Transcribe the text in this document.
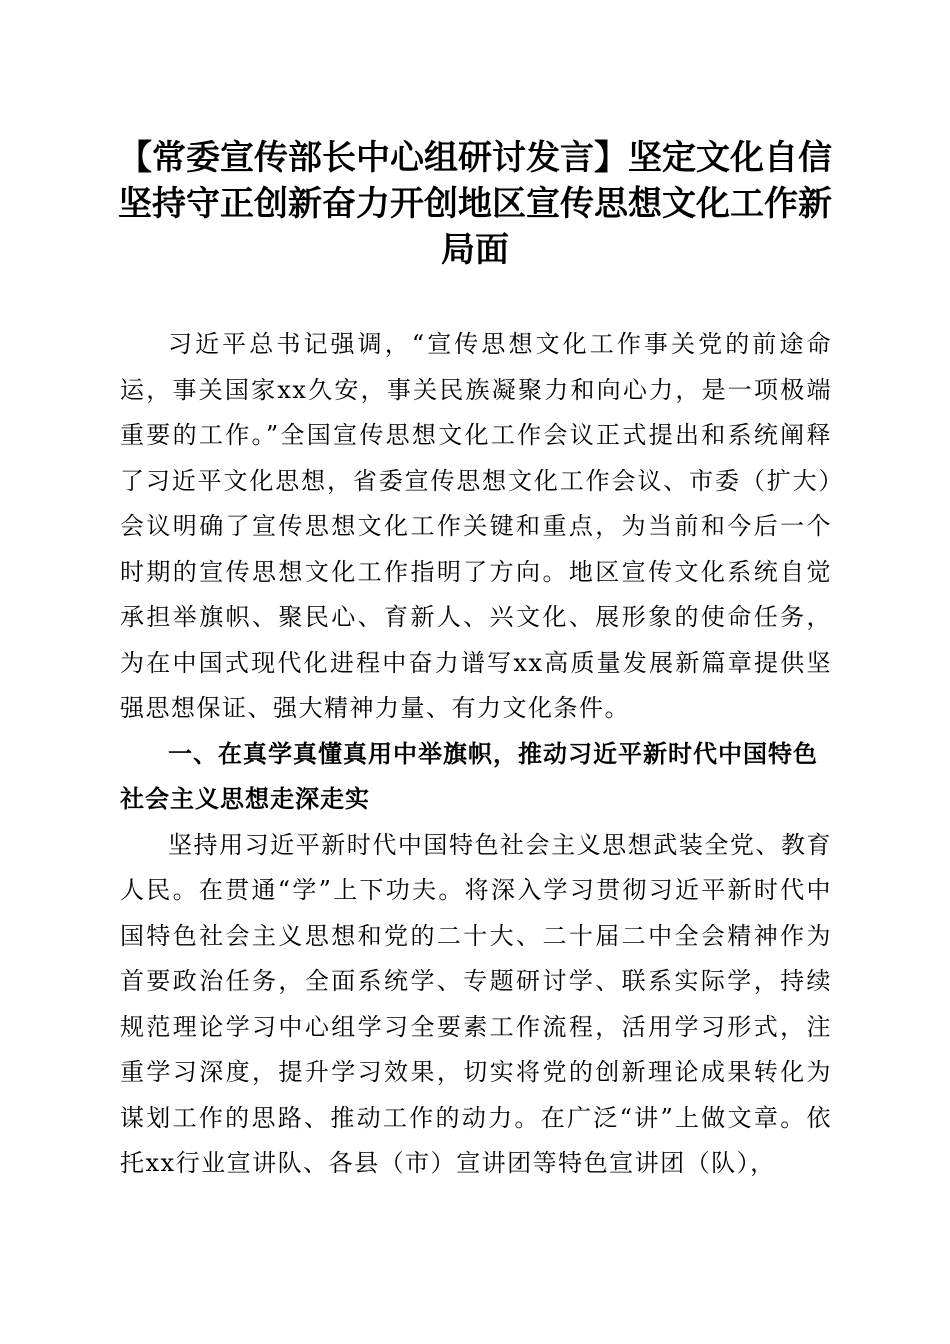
【常委宣传部长中心组研讨发言】坚定文化自信坚持守正创新奋力开创地区宣传思想文化工作新局面

习近平总书记强调，“宣传思想文化工作事关党的前途命运，事关国家xx久安，事关民族凝聚力和向心力，是一项极端重要的工作。”全国宣传思想文化工作会议正式提出和系统阐释了习近平文化思想，省委宣传思想文化工作会议、市委（扩大）会议明确了宣传思想文化工作关键和重点，为当前和今后一个时期的宣传思想文化工作指明了方向。地区宣传文化系统自觉承担举旗帜、聚民心、育新人、兴文化、展形象的使命任务，为在中国式现代化进程中奋力谱写xx高质量发展新篇章提供坚强思想保证、强大精神力量、有力文化条件。

一、在真学真懂真用中举旗帜，推动习近平新时代中国特色社会主义思想走深走实

坚持用习近平新时代中国特色社会主义思想武装全党、教育人民。在贯通“学”上下功夫。将深入学习贯彻习近平新时代中国特色社会主义思想和党的二十大、二十届二中全会精神作为首要政治任务，全面系统学、专题研讨学、联系实际学，持续规范理论学习中心组学习全要素工作流程，活用学习形式，注重学习深度，提升学习效果，切实将党的创新理论成果转化为谋划工作的思路、推动工作的动力。在广泛“讲”上做文章。依托xx行业宣讲队、各县（市）宣讲团等特色宣讲团（队），
